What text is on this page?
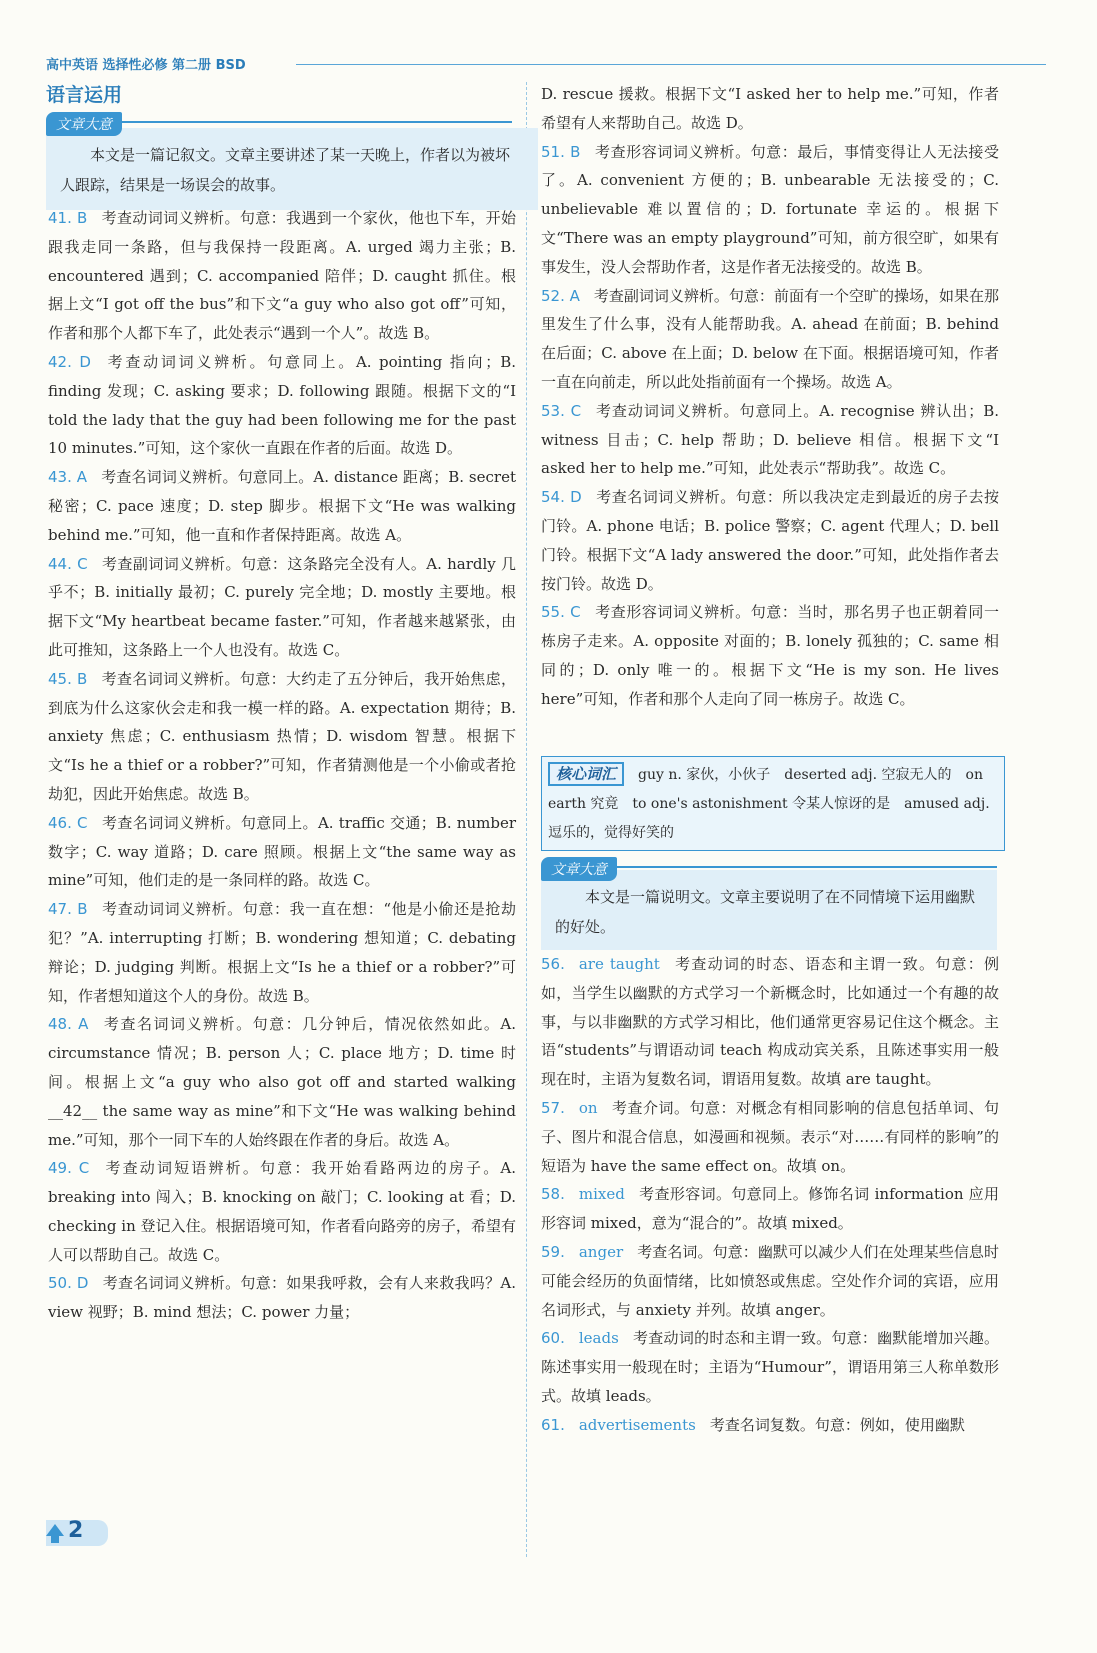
高中英语 选择性必修 第二册 BSD
语言运用
本文是一篇记叙文。文章主要讲述了某一天晚上，作者以为被坏人跟踪，结果是一场误会的故事。
文章大意
41. B 考查动词词义辨析。句意：我遇到一个家伙，他也下车，开始跟我走同一条路，但与我保持一段距离。A. urged 竭力主张；B. encountered 遇到；C. accompanied 陪伴；D. caught 抓住。根据上文“I got off the bus”和下文“a guy who also got off”可知，作者和那个人都下车了，此处表示“遇到一个人”。故选 B。
42. D 考查动词词义辨析。句意同上。A. pointing 指向；B. finding 发现；C. asking 要求；D. following 跟随。根据下文的“I told the lady that the guy had been following me for the past 10 minutes.”可知，这个家伙一直跟在作者的后面。故选 D。
43. A 考查名词词义辨析。句意同上。A. distance 距离；B. secret 秘密；C. pace 速度；D. step 脚步。根据下文“He was walking behind me.”可知，他一直和作者保持距离。故选 A。
44. C 考查副词词义辨析。句意：这条路完全没有人。A. hardly 几乎不；B. initially 最初；C. purely 完全地；D. mostly 主要地。根据下文“My heartbeat became faster.”可知，作者越来越紧张，由此可推知，这条路上一个人也没有。故选 C。
45. B 考查名词词义辨析。句意：大约走了五分钟后，我开始焦虑，到底为什么这家伙会走和我一模一样的路。A. expectation 期待；B. anxiety 焦虑；C. enthusiasm 热情；D. wisdom 智慧。根据下文“Is he a thief or a robber?”可知，作者猜测他是一个小偷或者抢劫犯，因此开始焦虑。故选 B。
46. C 考查名词词义辨析。句意同上。A. traffic 交通；B. number 数字；C. way 道路；D. care 照顾。根据上文“the same way as mine”可知，他们走的是一条同样的路。故选 C。
47. B 考查动词词义辨析。句意：我一直在想：“他是小偷还是抢劫犯？”A. interrupting 打断；B. wondering 想知道；C. debating 辩论；D. judging 判断。根据上文“Is he a thief or a robber?”可知，作者想知道这个人的身份。故选 B。
48. A 考查名词词义辨析。句意：几分钟后，情况依然如此。A. circumstance 情况；B. person 人；C. place 地方；D. time 时间。根据上文“a guy who also got off and started walking __42__ the same way as mine”和下文“He was walking behind me.”可知，那个一同下车的人始终跟在作者的身后。故选 A。
49. C 考查动词短语辨析。句意：我开始看路两边的房子。A. breaking into 闯入；B. knocking on 敲门；C. looking at 看；D. checking in 登记入住。根据语境可知，作者看向路旁的房子，希望有人可以帮助自己。故选 C。
50. D 考查名词词义辨析。句意：如果我呼救，会有人来救我吗？A. view 视野；B. mind 想法；C. power 力量；
D. rescue 援救。根据下文“I asked her to help me.”可知，作者希望有人来帮助自己。故选 D。
51. B 考查形容词词义辨析。句意：最后，事情变得让人无法接受了。A. convenient 方便的；B. unbearable 无法接受的；C. unbelievable 难以置信的；D. fortunate 幸运的。根据下文“There was an empty playground”可知，前方很空旷，如果有事发生，没人会帮助作者，这是作者无法接受的。故选 B。
52. A 考查副词词义辨析。句意：前面有一个空旷的操场，如果在那里发生了什么事，没有人能帮助我。A. ahead 在前面；B. behind 在后面；C. above 在上面；D. below 在下面。根据语境可知，作者一直在向前走，所以此处指前面有一个操场。故选 A。
53. C 考查动词词义辨析。句意同上。A. recognise 辨认出；B. witness 目击；C. help 帮助；D. believe 相信。根据下文“I asked her to help me.”可知，此处表示“帮助我”。故选 C。
54. D 考查名词词义辨析。句意：所以我决定走到最近的房子去按门铃。A. phone 电话；B. police 警察；C. agent 代理人；D. bell 门铃。根据下文“A lady answered the door.”可知，此处指作者去按门铃。故选 D。
55. C 考查形容词词义辨析。句意：当时，那名男子也正朝着同一栋房子走来。A. opposite 对面的；B. lonely 孤独的；C. same 相同的；D. only 唯一的。根据下文“He is my son. He lives here”可知，作者和那个人走向了同一栋房子。故选 C。
核心词汇 guy n. 家伙，小伙子　deserted adj. 空寂无人的　on earth 究竟　to one's astonishment 令某人惊讶的是　amused adj. 逗乐的，觉得好笑的
本文是一篇说明文。文章主要说明了在不同情境下运用幽默的好处。
文章大意
56. are taught 考查动词的时态、语态和主谓一致。句意：例如，当学生以幽默的方式学习一个新概念时，比如通过一个有趣的故事，与以非幽默的方式学习相比，他们通常更容易记住这个概念。主语“students”与谓语动词 teach 构成动宾关系，且陈述事实用一般现在时，主语为复数名词，谓语用复数。故填 are taught。
57. on 考查介词。句意：对概念有相同影响的信息包括单词、句子、图片和混合信息，如漫画和视频。表示“对……有同样的影响”的短语为 have the same effect on。故填 on。
58. mixed 考查形容词。句意同上。修饰名词 information 应用形容词 mixed，意为“混合的”。故填 mixed。
59. anger 考查名词。句意：幽默可以减少人们在处理某些信息时可能会经历的负面情绪，比如愤怒或焦虑。空处作介词的宾语，应用名词形式，与 anxiety 并列。故填 anger。
60. leads 考查动词的时态和主谓一致。句意：幽默能增加兴趣。陈述事实用一般现在时；主语为“Humour”，谓语用第三人称单数形式。故填 leads。
61. advertisements 考查名词复数。句意：例如，使用幽默
2
